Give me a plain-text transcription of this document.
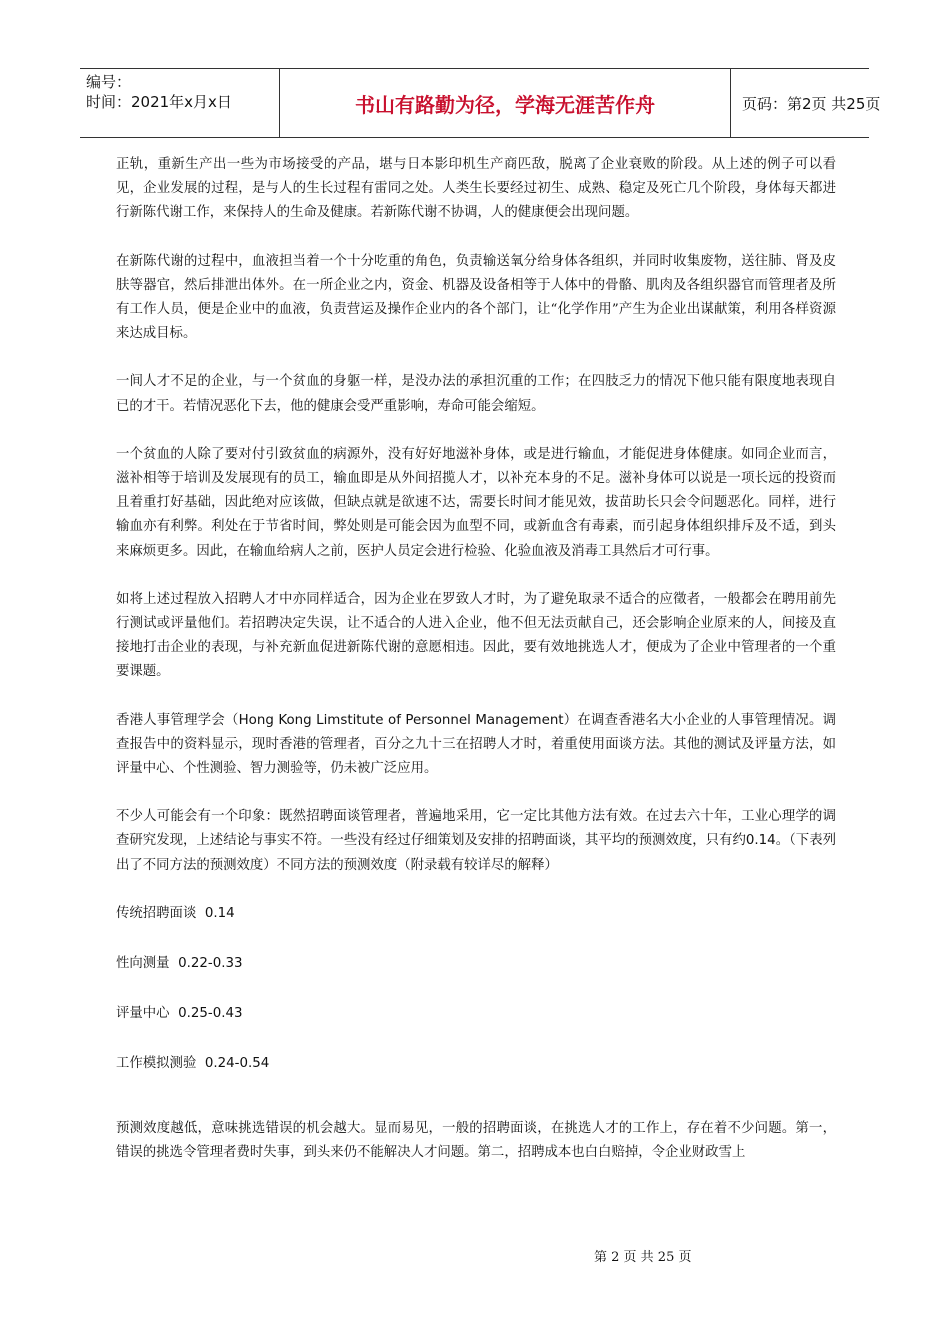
编号：
时间：2021年x月x日	书山有路勤为径，学海无涯苦作舟	页码：第2页 共25页

正轨，重新生产出一些为市场接受的产品，堪与日本影印机生产商匹敌，脱离了企业衰败的阶段。从上述的例子可以看见，企业发展的过程，是与人的生长过程有雷同之处。人类生长要经过初生、成熟、稳定及死亡几个阶段，身体每天都进行新陈代谢工作，来保持人的生命及健康。若新陈代谢不协调，人的健康便会出现问题。

在新陈代谢的过程中，血液担当着一个十分吃重的角色，负责输送氧分给身体各组织，并同时收集废物，送往肺、肾及皮肤等器官，然后排泄出体外。在一所企业之内，资金、机器及设备相等于人体中的骨骼、肌肉及各组织器官而管理者及所有工作人员，便是企业中的血液，负责营运及操作企业内的各个部门，让“化学作用”产生为企业出谋献策，利用各样资源来达成目标。

一间人才不足的企业，与一个贫血的身躯一样，是没办法的承担沉重的工作；在四肢乏力的情况下他只能有限度地表现自已的才干。若情况恶化下去，他的健康会受严重影响，寿命可能会缩短。

一个贫血的人除了要对付引致贫血的病源外，没有好好地滋补身体，或是进行输血，才能促进身体健康。如同企业而言，滋补相等于培训及发展现有的员工，输血即是从外间招揽人才，以补充本身的不足。滋补身体可以说是一项长远的投资而且着重打好基础，因此绝对应该做，但缺点就是欲速不达，需要长时间才能见效，拔苗助长只会令问题恶化。同样，进行输血亦有利弊。利处在于节省时间，弊处则是可能会因为血型不同，或新血含有毒素，而引起身体组织排斥及不适，到头来麻烦更多。因此，在输血给病人之前，医护人员定会进行检验、化验血液及消毒工具然后才可行事。

如将上述过程放入招聘人才中亦同样适合，因为企业在罗致人才时，为了避免取录不适合的应徵者，一般都会在聘用前先行测试或评量他们。若招聘决定失误，让不适合的人进入企业，他不但无法贡献自己，还会影响企业原来的人，间接及直接地打击企业的表现，与补充新血促进新陈代谢的意愿相违。因此，要有效地挑选人才，便成为了企业中管理者的一个重要课题。

香港人事管理学会（Hong Kong Limstitute of Personnel Management）在调查香港名大小企业的人事管理情况。调查报告中的资料显示，现时香港的管理者，百分之九十三在招聘人才时，着重使用面谈方法。其他的测试及评量方法，如评量中心、个性测验、智力测验等，仍未被广泛应用。

不少人可能会有一个印象：既然招聘面谈管理者，普遍地采用，它一定比其他方法有效。在过去六十年，工业心理学的调查研究发现，上述结论与事实不符。一些没有经过仔细策划及安排的招聘面谈，其平均的预测效度，只有约0.14。（下表列出了不同方法的预测效度）不同方法的预测效度（附录载有较详尽的解释）

传统招聘面谈 0.14

性向测量 0.22-0.33

评量中心 0.25-0.43

工作模拟测验 0.24-0.54

预测效度越低，意味挑选错误的机会越大。显而易见，一般的招聘面谈，在挑选人才的工作上，存在着不少问题。第一，错误的挑选令管理者费时失事，到头来仍不能解决人才问题。第二，招聘成本也白白赔掉，令企业财政雪上

第 2 页 共 25 页
